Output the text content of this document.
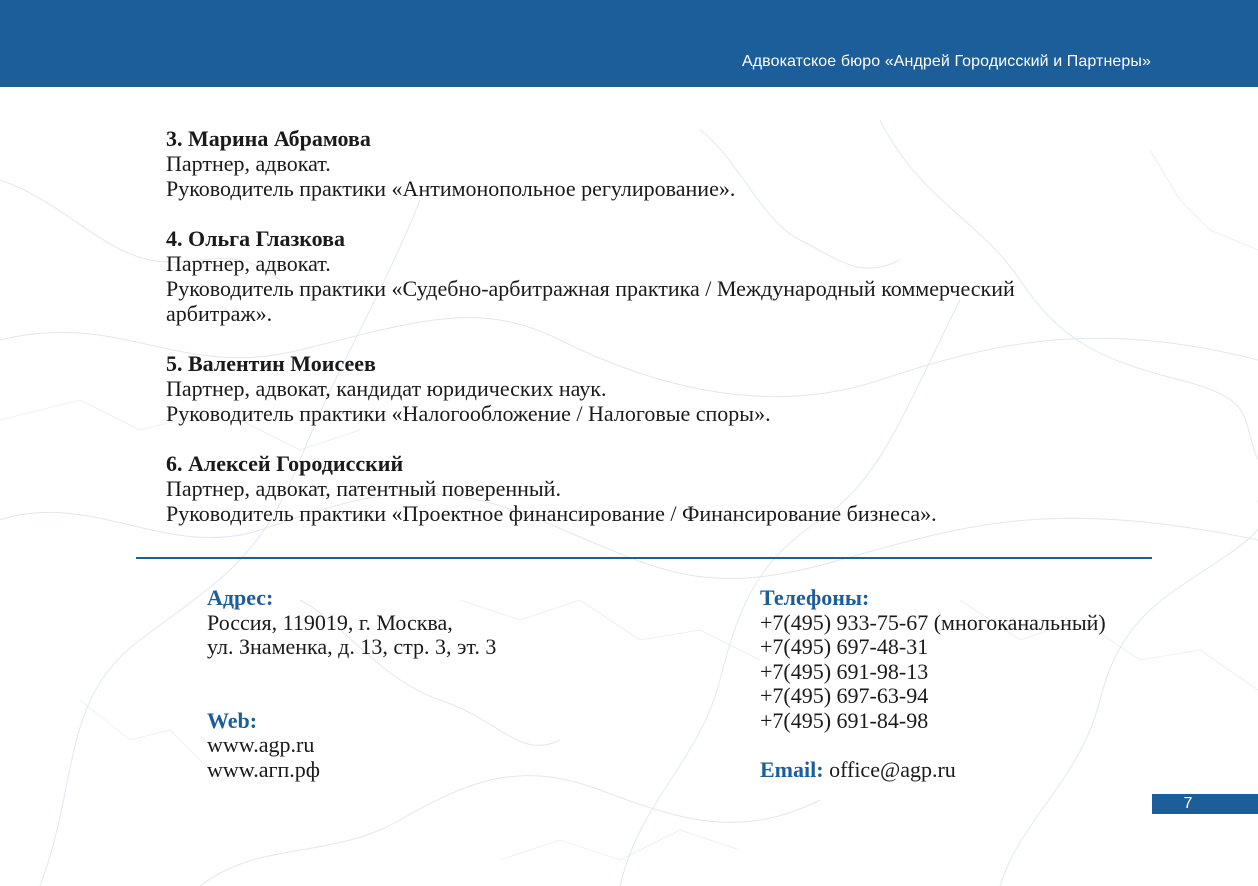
Адвокатское бюро «Андрей Городисский и Партнеры»
3. Марина Абрамова
Партнер, адвокат.
Руководитель практики «Антимонопольное регулирование».
4. Ольга Глазкова
Партнер, адвокат.
Руководитель практики «Судебно-арбитражная практика / Международный коммерческий
арбитраж».
5. Валентин Моисеев
Партнер, адвокат, кандидат юридических наук.
Руководитель практики «Налогообложение / Налоговые споры».
6. Алексей Городисский
Партнер, адвокат, патентный поверенный.
Руководитель практики «Проектное финансирование / Финансирование бизнеса».
Адрес:
Россия, 119019, г. Москва,
ул. Знаменка, д. 13, стр. 3, эт. 3
Web:
www.agp.ru
www.агп.рф
Телефоны:
+7(495) 933-75-67 (многоканальный)
+7(495) 697-48-31
+7(495) 691-98-13
+7(495) 697-63-94
+7(495) 691-84-98
Email: office@agp.ru
7
